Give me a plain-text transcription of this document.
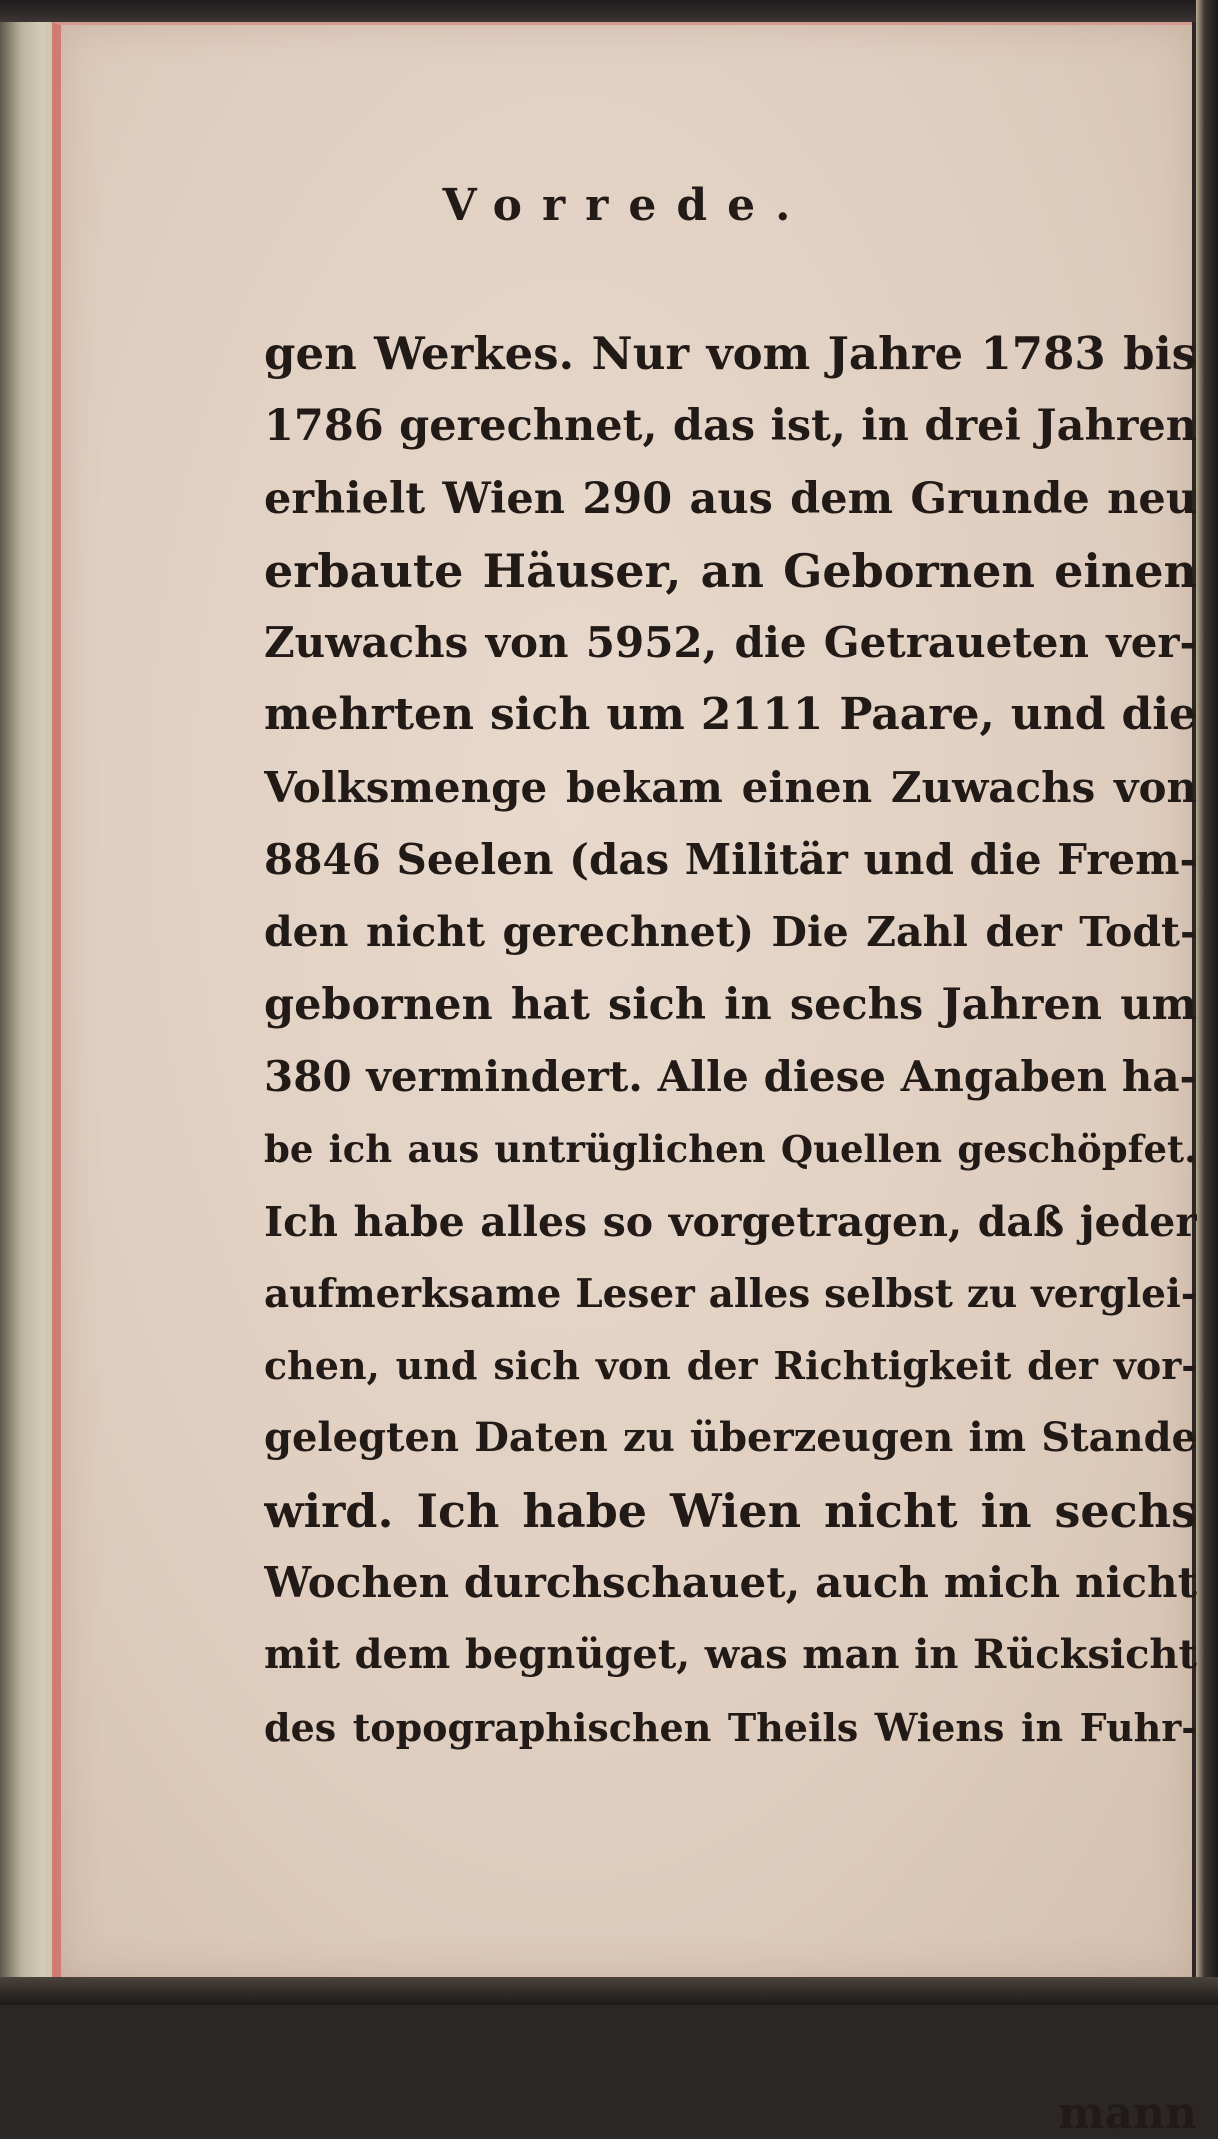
Vorrede.
gen Werkes. Nur vom Jahre 1783 bis
1786 gerechnet, das ist, in drei Jahren
erhielt Wien 290 aus dem Grunde neu
erbaute Häuser, an Gebornen einen
Zuwachs von 5952, die Getraueten ver-
mehrten sich um 2111 Paare, und die
Volksmenge bekam einen Zuwachs von
8846 Seelen (das Militär und die Frem-
den nicht gerechnet) Die Zahl der Todt-
gebornen hat sich in sechs Jahren um
380 vermindert. Alle diese Angaben ha-
be ich aus untrüglichen Quellen geschöpfet.
Ich habe alles so vorgetragen, daß jeder
aufmerksame Leser alles selbst zu verglei-
chen, und sich von der Richtigkeit der vor-
gelegten Daten zu überzeugen im Stande
wird. Ich habe Wien nicht in sechs
Wochen durchschauet, auch mich nicht
mit dem begnüget, was man in Rücksicht
des topographischen Theils Wiens in Fuhr-
mann
